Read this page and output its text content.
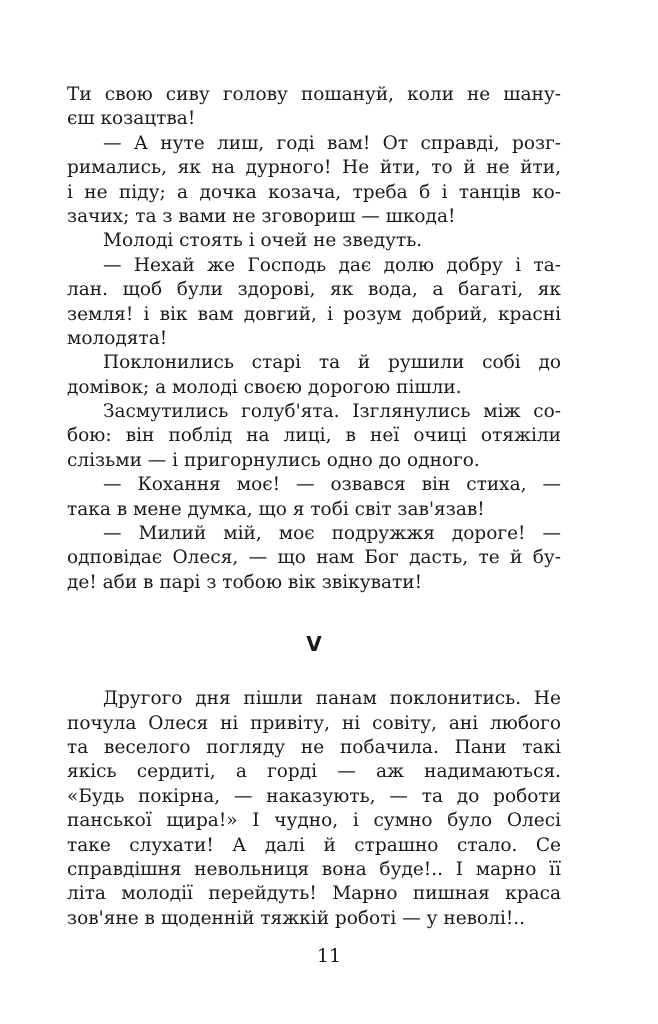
Ти свою сиву голову пошануй, коли не шану-
єш козацтва!
— А нуте лиш, годі вам! От справді, розг-
римались, як на дурного! Не йти, то й не йти,
і не піду; а дочка козача, треба б і танців ко-
зачих; та з вами не зговориш — шкода!
Молоді стоять і очей не зведуть.
— Нехай же Господь дає долю добру і та-
лан. щоб були здорові, як вода, а багаті, як
земля! і вік вам довгий, і розум добрий, красні
молодята!
Поклонились старі та й рушили собі до
домівок; а молоді своєю дорогою пішли.
Засмутились голуб'ята. Ізглянулись між со-
бою: він поблід на лиці, в неї очиці отяжіли
слізьми — і пригорнулись одно до одного.
— Кохання моє! — озвався він стиха, —
така в мене думка, що я тобі світ зав'язав!
— Милий мій, моє подружжя дороге! —
одповідає Олеся, — що нам Бог дасть, те й бу-
де! аби в парі з тобою вік звікувати!
V
Другого дня пішли панам поклонитись. Не
почула Олеся ні привіту, ні совіту, ані любого
та веселого погляду не побачила. Пани такі
якісь сердиті, а горді — аж надимаються.
«Будь покірна, — наказують, — та до роботи
панської щира!» І чудно, і сумно було Олесі
таке слухати! А далі й страшно стало. Се
справдішня невольниця вона буде!.. І марно її
літа молодії перейдуть! Марно пишная краса
зов'яне в щоденній тяжкій роботі — у неволі!..
11
